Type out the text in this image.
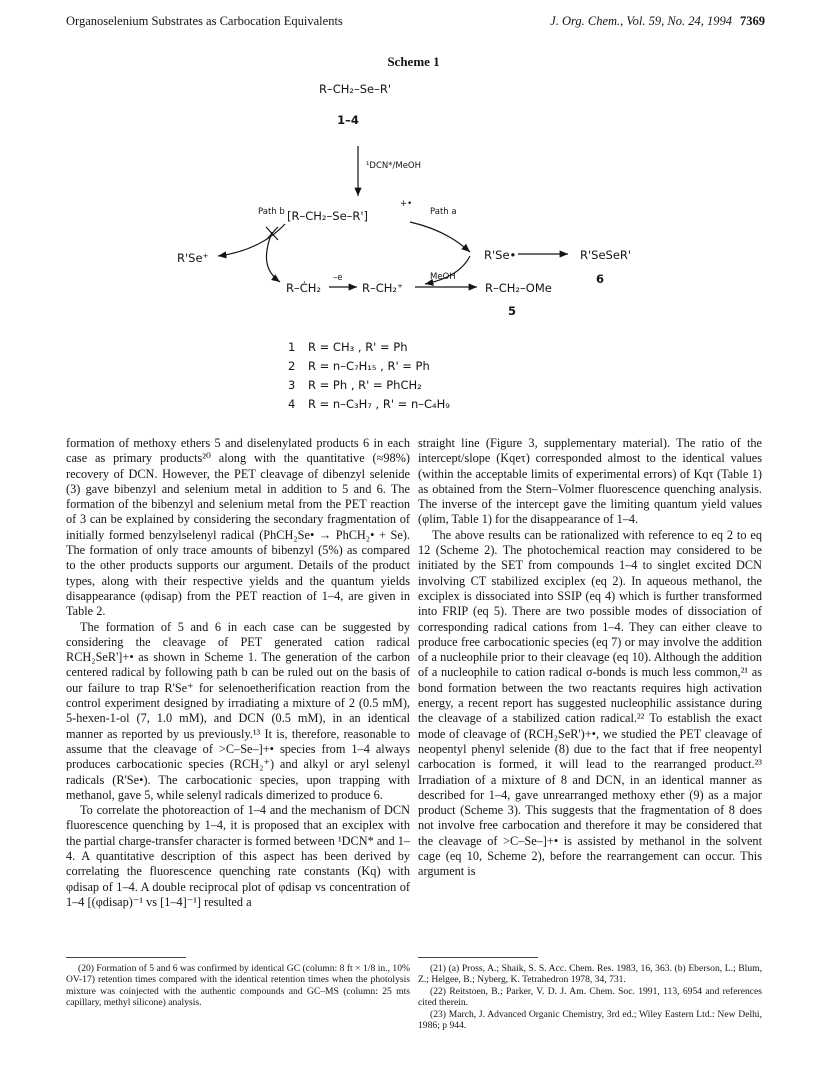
Organoselenium Substrates as Carbocation Equivalents	J. Org. Chem., Vol. 59, No. 24, 1994 7369
Scheme 1
R–CH₂–Se–R'
1–4
¹DCN*/MeOH
Path b [R–CH₂–Se–R']
+•
Path a
R'Se⁺	R'Se•	R'SeSeR'
6
R–ĊH₂
–e
R–CH₂⁺
MeOH
R–CH₂–OMe
5
1 R = CH₃ , R' = Ph
2 R = n–C₇H₁₅ , R' = Ph
3 R = Ph , R' = PhCH₂
4 R = n–C₃H₇ , R' = n–C₄H₉

formation of methoxy ethers 5 and diselenylated products 6 in each case as primary products²⁰ along with the quantitative (≈98%) recovery of DCN. However, the PET cleavage of dibenzyl selenide (3) gave bibenzyl and selenium metal in addition to 5 and 6. The formation of the bibenzyl and selenium metal from the PET reaction of 3 can be explained by considering the secondary fragmentation of initially formed benzylselenyl radical (PhCH₂Se• → PhCH₂• + Se). The formation of only trace amounts of bibenzyl (5%) as compared to the other products supports our argument. Details of the product types, along with their respective yields and the quantum yields disappearance (φdisap) from the PET reaction of 1–4, are given in Table 2.

The formation of 5 and 6 in each case can be suggested by considering the cleavage of PET generated cation radical RCH₂SeR']+• as shown in Scheme 1. The generation of the carbon centered radical by following path b can be ruled out on the basis of our failure to trap R'Se⁺ for selenoetherification reaction from the control experiment designed by irradiating a mixture of 2 (0.5 mM), 5-hexen-1-ol (7, 1.0 mM), and DCN (0.5 mM), in an identical manner as reported by us previously.¹³ It is, therefore, reasonable to assume that the cleavage of >C–Se–]+• species from 1–4 always produces carbocationic species (RCH₂⁺) and alkyl or aryl selenyl radicals (R'Se•). The carbocationic species, upon trapping with methanol, gave 5, while selenyl radicals dimerized to produce 6.

To correlate the photoreaction of 1–4 and the mechanism of DCN fluorescence quenching by 1–4, it is proposed that an exciplex with the partial charge-transfer character is formed between ¹DCN* and 1–4. A quantitative description of this aspect has been derived by correlating the fluorescence quenching rate constants (Kq) with φdisap of 1–4. A double reciprocal plot of φdisap vs concentration of 1–4 [(φdisap)⁻¹ vs [1–4]⁻¹] resulted a

straight line (Figure 3, supplementary material). The ratio of the intercept/slope (Kqeτ) corresponded almost to the identical values (within the acceptable limits of experimental errors) of Kqτ (Table 1) as obtained from the Stern–Volmer fluorescence quenching analysis. The inverse of the intercept gave the limiting quantum yield values (φlim, Table 1) for the disappearance of 1–4.

The above results can be rationalized with reference to eq 2 to eq 12 (Scheme 2). The photochemical reaction may considered to be initiated by the SET from compounds 1–4 to singlet excited DCN involving CT stabilized exciplex (eq 2). In aqueous methanol, the exciplex is dissociated into SSIP (eq 4) which is further transformed into FRIP (eq 5). There are two possible modes of dissociation of corresponding radical cations from 1–4. They can either cleave to produce free carbocationic species (eq 7) or may involve the addition of a nucleophile prior to their cleavage (eq 10). Although the addition of a nucleophile to cation radical σ-bonds is much less common,²¹ as bond formation between the two reactants requires high activation energy, a recent report has suggested nucleophilic assistance during the cleavage of a stabilized cation radical.²² To establish the exact mode of cleavage of (RCH₂SeR')+•, we studied the PET cleavage of neopentyl phenyl selenide (8) due to the fact that if free neopentyl carbocation is formed, it will lead to the rearranged product.²³ Irradiation of a mixture of 8 and DCN, in an identical manner as described for 1–4, gave unrearranged methoxy ether (9) as a major product (Scheme 3). This suggests that the fragmentation of 8 does not involve free carbocation and therefore it may be considered that the cleavage of >C–Se–]+• is assisted by methanol in the solvent cage (eq 10, Scheme 2), before the rearrangement can occur. This argument is

(20) Formation of 5 and 6 was confirmed by identical GC (column: 8 ft × 1/8 in., 10% OV-17) retention times compared with the identical retention times when the photolysis mixture was coinjected with the authentic compounds and GC–MS (column: 25 mts capillary, methyl silicone) analysis.

(21) (a) Pross, A.; Shaik, S. S. Acc. Chem. Res. 1983, 16, 363. (b) Eberson, L.; Blum, Z.; Helgee, B.; Nyberg, K. Tetrahedron 1978, 34, 731.

(22) Reitstoen, B.; Parker, V. D. J. Am. Chem. Soc. 1991, 113, 6954 and references cited therein.

(23) March, J. Advanced Organic Chemistry, 3rd ed.; Wiley Eastern Ltd.: New Delhi, 1986; p 944.
